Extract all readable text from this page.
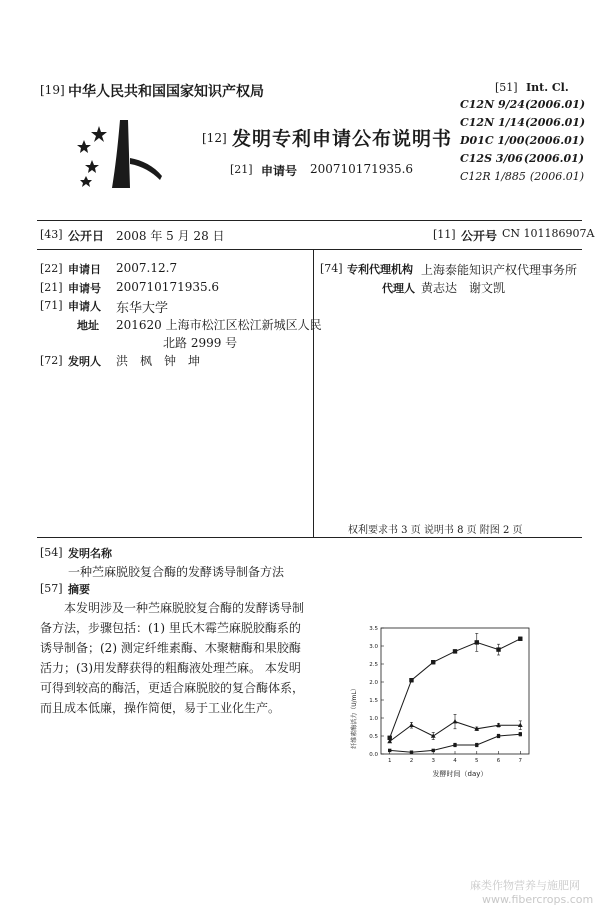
[19] 中华人民共和国国家知识产权局
[12] 发明专利申请公布说明书
[21] 申请号 200710171935.6
[51] Int. Cl.
C12N 9/24 (2006.01)
C12N 1/14 (2006.01)
D01C 1/00 (2006.01)
C12S 3/06 (2006.01)
C12R 1/885 (2006.01)
[43] 公开日 2008 年 5 月 28 日	[11] 公开号 CN 101186907A
[22] 申请日 2007.12.7
[21] 申请号 200710171935.6
[71] 申请人 东华大学
地址 201620 上海市松江区松江新城区人民
北路 2999 号
[72] 发明人 洪　枫　钟　坤
[74] 专利代理机构 上海泰能知识产权代理事务所
代理人 黄志达　谢文凯
权利要求书 3 页 说明书 8 页 附图 2 页
[54] 发明名称
一种苎麻脱胶复合酶的发酵诱导制备方法
[57] 摘要
本发明涉及一种苎麻脱胶复合酶的发酵诱导制
备方法，步骤包括：(1) 里氏木霉苎麻脱胶酶系的
诱导制备；(2) 测定纤维素酶、木聚糖酶和果胶酶
活力；(3)用发酵获得的粗酶液处理苎麻。 本发明
可得到较高的酶活，更适合麻脱胶的复合酶体系，
而且成本低廉，操作简便，易于工业化生产。
0.0
0.5
1.0
1.5
2.0
2.5
3.0
3.5
1	2	3	4	5	6	7
纤维素酶活力（U/mL）
发酵时间（day）
麻类作物营养与施肥网
www.fibercrops.com
